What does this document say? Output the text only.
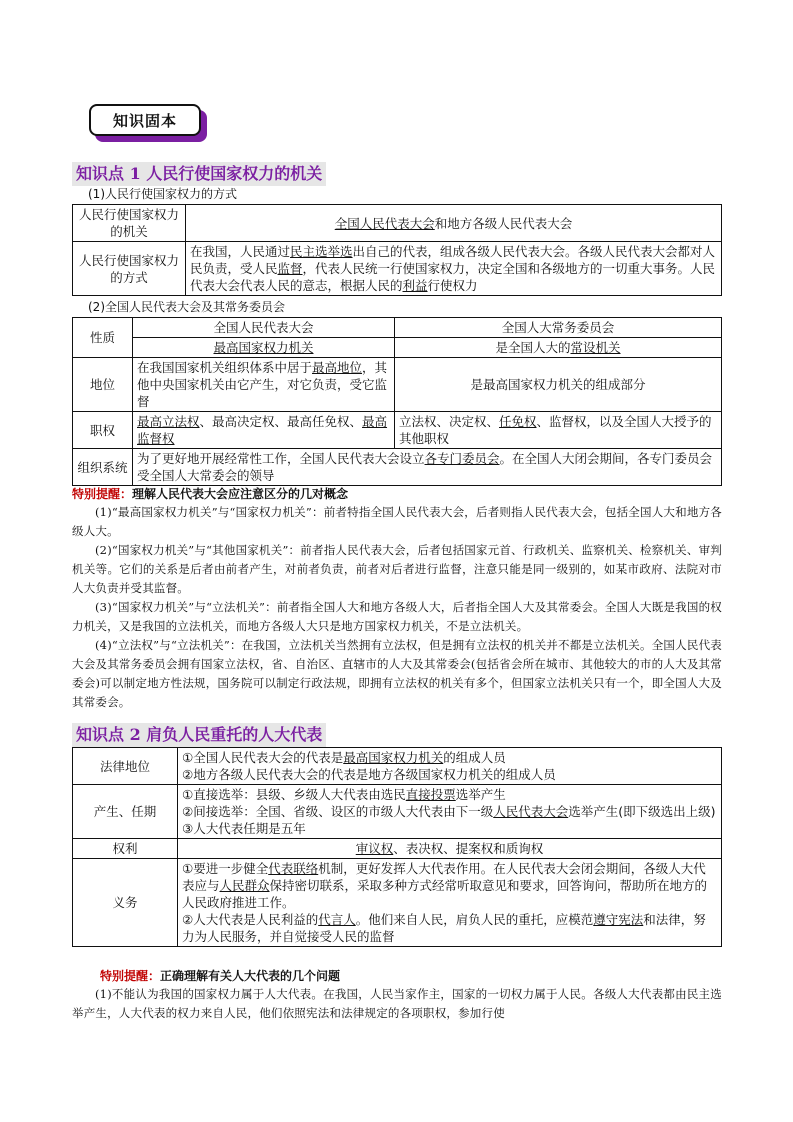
知识固本
知识点 1 人民行使国家权力的机关
(1)人民行使国家权力的方式
人民行使国家权力的机关	全国人民代表大会和地方各级人民代表大会
人民行使国家权力的方式	在我国，人民通过民主选举选出自己的代表，组成各级人民代表大会。各级人民代表大会都对人民负责，受人民监督，代表人民统一行使国家权力，决定全国和各级地方的一切重大事务。人民代表大会代表人民的意志，根据人民的利益行使权力
(2)全国人民代表大会及其常务委员会
性质	全国人民代表大会	全国人大常务委员会
	最高国家权力机关	是全国人大的常设机关
地位	在我国国家机关组织体系中居于最高地位，其他中央国家机关由它产生，对它负责，受它监督	是最高国家权力机关的组成部分
职权	最高立法权、最高决定权、最高任免权、最高监督权	立法权、决定权、任免权、监督权，以及全国人大授予的其他职权
组织系统	为了更好地开展经常性工作，全国人民代表大会设立各专门委员会。在全国人大闭会期间，各专门委员会受全国人大常委会的领导	
特别提醒：理解人民代表大会应注意区分的几对概念

(1)“最高国家权力机关”与“国家权力机关”：前者特指全国人民代表大会，后者则指人民代表大会，包括全国人大和地方各级人大。

(2)“国家权力机关”与“其他国家机关”：前者指人民代表大会，后者包括国家元首、行政机关、监察机关、检察机关、审判机关等。它们的关系是后者由前者产生，对前者负责，前者对后者进行监督，注意只能是同一级别的，如某市政府、法院对市人大负责并受其监督。

(3)“国家权力机关”与“立法机关”：前者指全国人大和地方各级人大，后者指全国人大及其常委会。全国人大既是我国的权力机关，又是我国的立法机关，而地方各级人大只是地方国家权力机关，不是立法机关。

(4)“立法权”与“立法机关”：在我国，立法机关当然拥有立法权，但是拥有立法权的机关并不都是立法机关。全国人民代表大会及其常务委员会拥有国家立法权，省、自治区、直辖市的人大及其常委会(包括省会所在城市、其他较大的市的人大及其常委会)可以制定地方性法规，国务院可以制定行政法规，即拥有立法权的机关有多个，但国家立法机关只有一个，即全国人大及其常委会。

知识点 2 肩负人民重托的人大代表
法律地位	①全国人民代表大会的代表是最高国家权力机关的组成人员
②地方各级人民代表大会的代表是地方各级国家权力机关的组成人员

产生、任期	①直接选举：县级、乡级人大代表由选民直接投票选举产生
②间接选举：全国、省级、设区的市级人大代表由下一级人民代表大会选举产生(即下级选出上级)
③人大代表任期是五年

权利	审议权、表决权、提案权和质询权
义务	①要进一步健全代表联络机制，更好发挥人大代表作用。在人民代表大会闭会期间，各级人大代表应与人民群众保持密切联系，采取多种方式经常听取意见和要求，回答询问，帮助所在地方的人民政府推进工作。
②人大代表是人民利益的代言人。他们来自人民，肩负人民的重托，应模范遵守宪法和法律，努力为人民服务，并自觉接受人民的监督
特别提醒：正确理解有关人大代表的几个问题

(1)不能认为我国的国家权力属于人大代表。在我国，人民当家作主，国家的一切权力属于人民。各级人大代表都由民主选举产生，人大代表的权力来自人民，他们依照宪法和法律规定的各项职权，参加行使
